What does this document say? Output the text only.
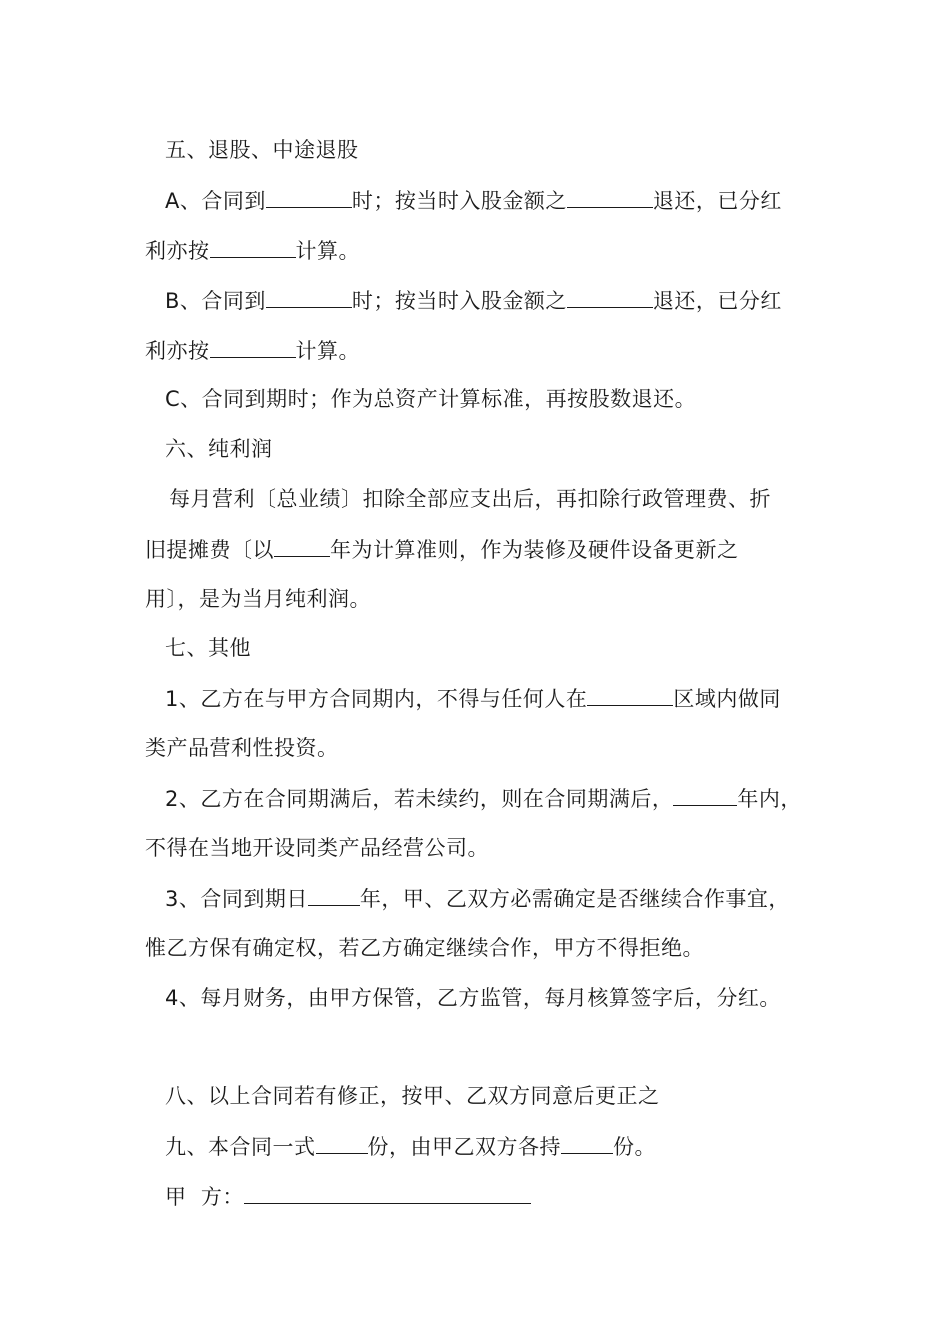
五、退股、中途退股
A、合同到	时；按当时入股金额之	退还，已分红
利亦按	计算。
B、合同到	时；按当时入股金额之	退还，已分红
利亦按	计算。
C、合同到期时；作为总资产计算标准，再按股数退还。
六、纯利润
每月营利〔总业绩〕扣除全部应支出后，再扣除行政管理费、折
旧提摊费〔以	年为计算准则，作为装修及硬件设备更新之
用〕，是为当月纯利润。
七、其他
1、乙方在与甲方合同期内，不得与任何人在	区域内做同
类产品营利性投资。
2、乙方在合同期满后，若未续约，则在合同期满后，	年内，
不得在当地开设同类产品经营公司。
3、合同到期日 年，甲、乙双方必需确定是否继续合作事宜，
惟乙方保有确定权，若乙方确定继续合作，甲方不得拒绝。
4、每月财务，由甲方保管，乙方监管，每月核算签字后，分红。
八、以上合同若有修正，按甲、乙双方同意后更正之
九、本合同一式 份，由甲乙双方各持 份。
甲  方：
